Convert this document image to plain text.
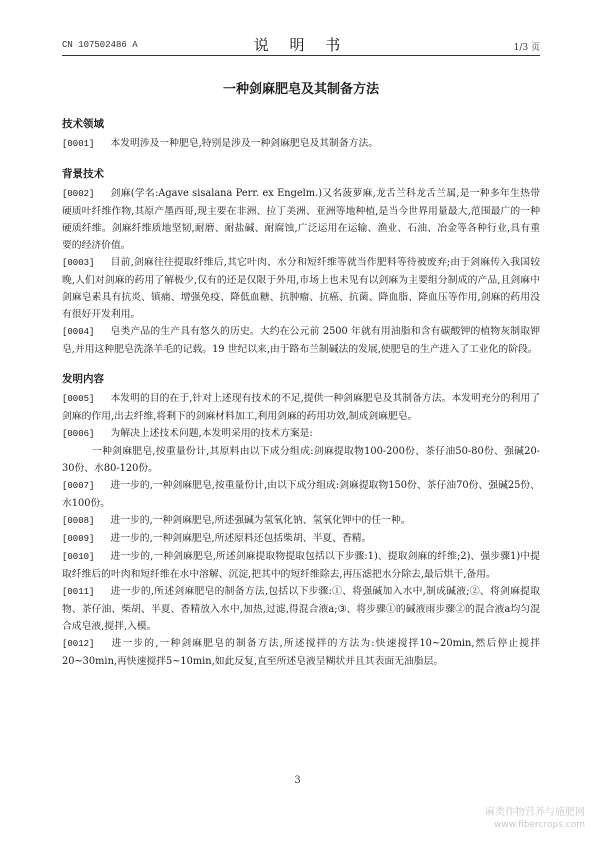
CN 107502486 A	说 明 书	1/3 页
一种剑麻肥皂及其制备方法
技术领域

[0001] 本发明涉及一种肥皂,特别是涉及一种剑麻肥皂及其制备方法。

背景技术

[0002] 剑麻(学名:Agave sisalana Perr. ex Engelm.)又名菠萝麻,龙舌兰科龙舌兰属,是一种多年生热带硬质叶纤维作物,其原产墨西哥,现主要在非洲、拉丁美洲、亚洲等地种植,是当今世界用量最大,范围最广的一种硬质纤维。剑麻纤维质地坚韧,耐磨、耐盐碱、耐腐蚀,广泛运用在运输、渔业、石油、冶金等各种行业,具有重要的经济价值。

[0003] 目前,剑麻往往提取纤维后,其它叶肉、水分和短纤维等就当作肥料等待被废弃;由于剑麻传入我国较晚,人们对剑麻的药用了解极少,仅有的还是仅限于外用,市场上也未见有以剑麻为主要组分制成的产品,且剑麻中剑麻皂素具有抗炎、镇痛、增强免疫、降低血糖、抗肿瘤、抗癌、抗菌、降血脂、降血压等作用,剑麻的药用没有很好开发利用。

[0004] 皂类产品的生产具有悠久的历史。大约在公元前 2500 年就有用油脂和含有碳酸钾的植物灰制取钾皂,并用这种肥皂洗涤羊毛的记载。19 世纪以来,由于路布兰制碱法的发展,使肥皂的生产进入了工业化的阶段。

发明内容

[0005] 本发明的目的在于,针对上述现有技术的不足,提供一种剑麻肥皂及其制备方法。本发明充分的利用了剑麻的作用,出去纤维,将剩下的剑麻材料加工,利用剑麻的药用功效,制成剑麻肥皂。

[0006] 为解决上述技术问题,本发明采用的技术方案是:

一种剑麻肥皂,按重量份计,其原料由以下成分组成:剑麻提取物100-200份、茶仔油50-80份、强碱20-30份、水80-120份。

[0007] 进一步的,一种剑麻肥皂,按重量份计,由以下成分组成:剑麻提取物150份、茶仔油70份、强碱25份、水100份。

[0008] 进一步的,一种剑麻肥皂,所述强碱为氢氧化钠、氢氧化钾中的任一种。

[0009] 进一步的,一种剑麻肥皂,所述原料还包括柴胡、半夏、香精。

[0010] 进一步的,一种剑麻肥皂,所述剑麻提取物提取包括以下步骤:1)、提取剑麻的纤维;2)、强步骤1)中提取纤维后的叶肉和短纤维在水中溶解、沉淀,把其中的短纤维除去,再压滤把水分除去,最后烘干,备用。

[0011] 进一步的,所述剑麻肥皂的制备方法,包括以下步骤:①、将强碱加入水中,制成碱液;②、将剑麻提取物、茶仔油、柴胡、半夏、香精放入水中,加热,过滤,得混合液a;③、将步骤①的碱液雨步骤②的混合液a均匀混合成皂液,搅拌,入模。

[0012] 进一步的,一种剑麻肥皂的制备方法,所述搅拌的方法为:快速搅拌10~20min,然后停止搅拌20~30min,再快速搅拌5~10min,如此反复,直至所述皂液呈糊状并且其表面无油脂层。

3
麻类作物营养与施肥网
www.fibercrops.com
